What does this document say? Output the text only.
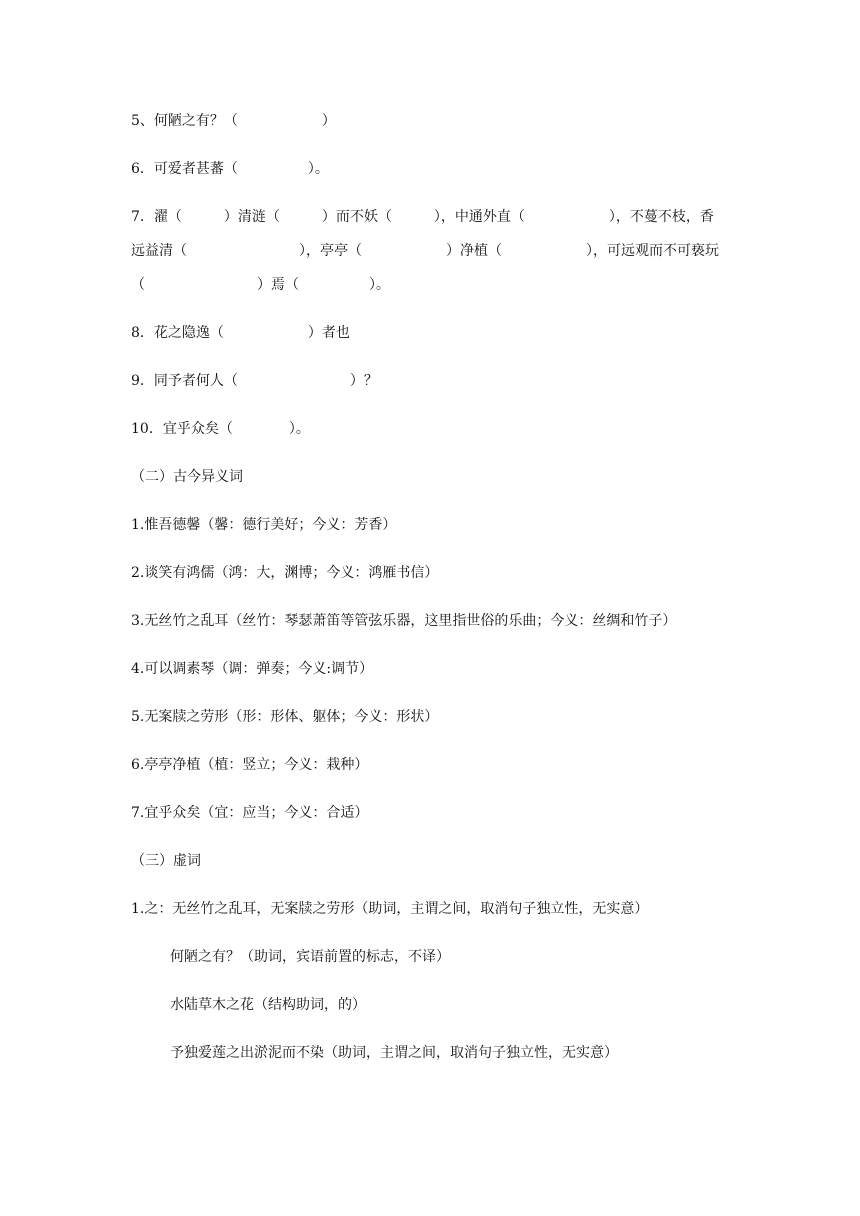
5、何陋之有？（　　　　　　）
6．可爱者甚蕃（　　　　　）。
7．濯（　　　）清涟（　　　）而不妖（　　　），中通外直（　　　　　　），不蔓不枝，香
远益清（　　　　　　　　），亭亭（　　　　　　）净植（　　　　　　），可远观而不可亵玩
（　　　　　　　　）焉（　　　　　）。
8．花之隐逸（　　　　　　）者也
9．同予者何人（　　　　　　　　）？
10．宜乎众矣（　　　　）。
（二）古今异义词
1.惟吾德馨（馨：德行美好；今义：芳香）
2.谈笑有鸿儒（鸿：大，渊博；今义：鸿雁书信）
3.无丝竹之乱耳（丝竹：琴瑟萧笛等管弦乐器，这里指世俗的乐曲；今义：丝绸和竹子）
4.可以调素琴（调：弹奏；今义:调节）
5.无案牍之劳形（形：形体、躯体；今义：形状）
6.亭亭净植（植：竖立；今义：栽种）
7.宜乎众矣（宜：应当；今义：合适）
（三）虚词
1.之：无丝竹之乱耳，无案牍之劳形（助词，主谓之间，取消句子独立性，无实意）
何陋之有？（助词，宾语前置的标志，不译）
水陆草木之花（结构助词，的）
予独爱莲之出淤泥而不染（助词，主谓之间，取消句子独立性，无实意）
